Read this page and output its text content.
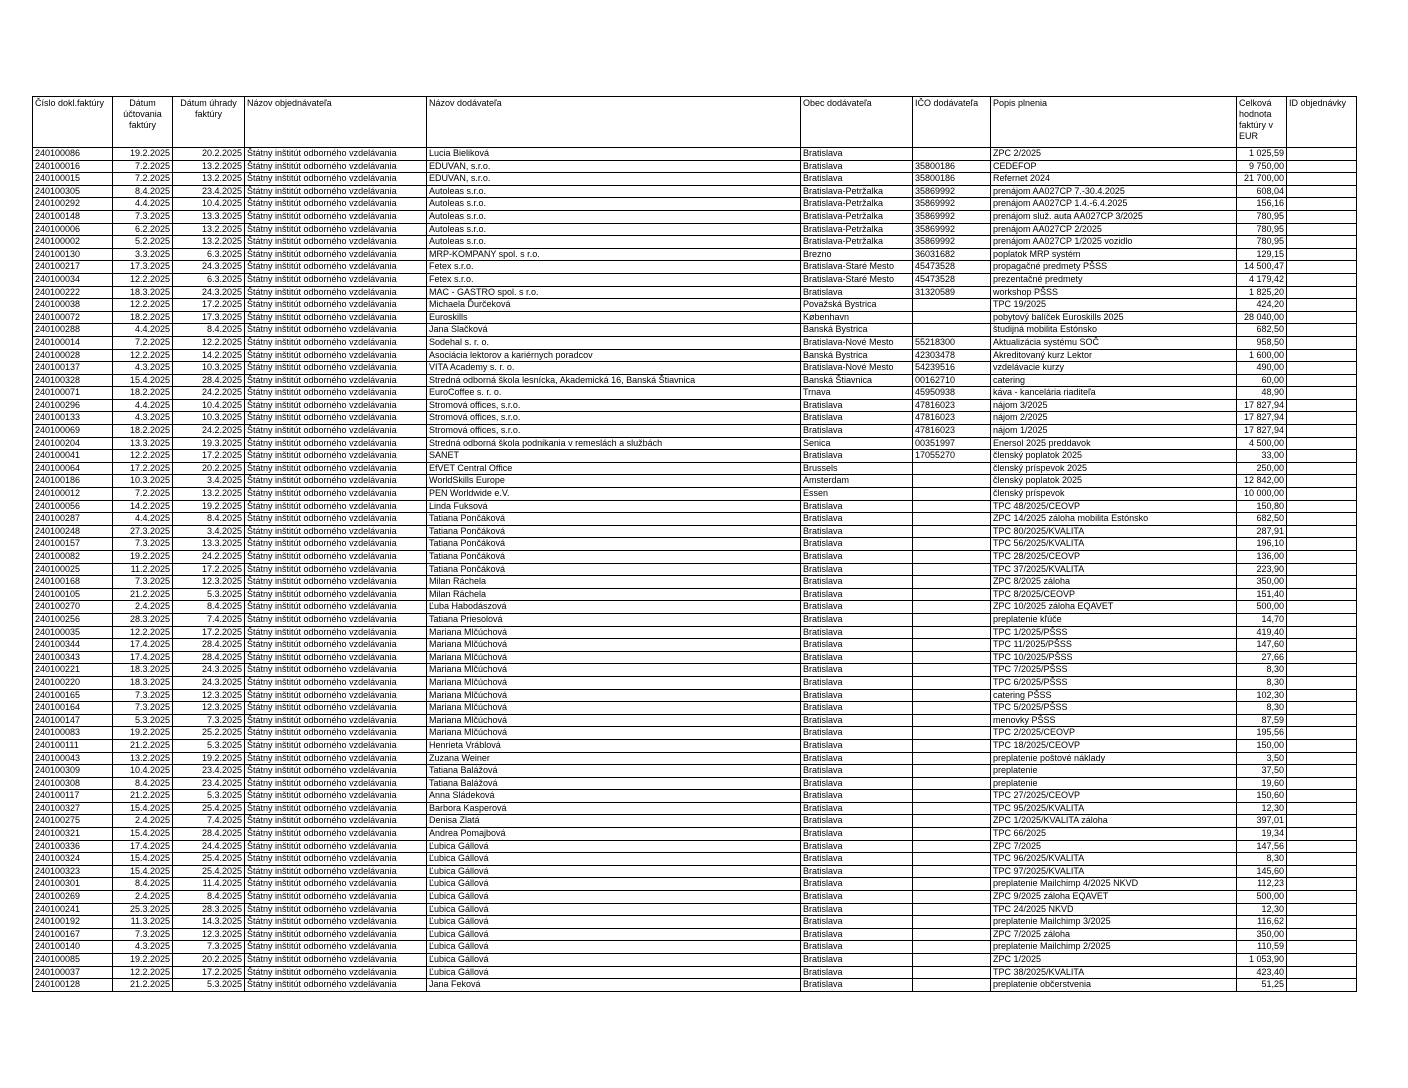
Číslo dokl.faktúry	Dátum účtovania faktúry	Dátum úhrady faktúry	Názov objednávateľa	Názov dodávateľa	Obec dodávateľa	IČO dodávateľa	Popis plnenia	Celková hodnota faktúry v EUR	ID objednávky
240100086	19.2.2025	20.2.2025	Štátny inštitút odborného vzdelávania	Lucia Bieliková	Bratislava		ZPC 2/2025	1 025,59	
240100016	7.2.2025	13.2.2025	Štátny inštitút odborného vzdelávania	EDUVAN, s.r.o.	Bratislava	35800186	CEDEFOP	9 750,00	
240100015	7.2.2025	13.2.2025	Štátny inštitút odborného vzdelávania	EDUVAN, s.r.o.	Bratislava	35800186	Refernet 2024	21 700,00	
240100305	8.4.2025	23.4.2025	Štátny inštitút odborného vzdelávania	Autoleas s.r.o.	Bratislava-Petržalka	35869992	prenájom AA027CP 7.-30.4.2025	608,04	
240100292	4.4.2025	10.4.2025	Štátny inštitút odborného vzdelávania	Autoleas s.r.o.	Bratislava-Petržalka	35869992	prenájom AA027CP 1.4.-6.4.2025	156,16	
240100148	7.3.2025	13.3.2025	Štátny inštitút odborného vzdelávania	Autoleas s.r.o.	Bratislava-Petržalka	35869992	prenájom služ. auta AA027CP 3/2025	780,95	
240100006	6.2.2025	13.2.2025	Štátny inštitút odborného vzdelávania	Autoleas s.r.o.	Bratislava-Petržalka	35869992	prenájom AA027CP 2/2025	780,95	
240100002	5.2.2025	13.2.2025	Štátny inštitút odborného vzdelávania	Autoleas s.r.o.	Bratislava-Petržalka	35869992	prenájom AA027CP 1/2025 vozidlo	780,95	
240100130	3.3.2025	6.3.2025	Štátny inštitút odborného vzdelávania	MRP-KOMPANY spol. s r.o.	Brezno	36031682	poplatok MRP systém	129,15	
240100217	17.3.2025	24.3.2025	Štátny inštitút odborného vzdelávania	Fetex s.r.o.	Bratislava-Staré Mesto	45473528	propagačné predmety PŠSS	14 500,47	
240100034	12.2.2025	6.3.2025	Štátny inštitút odborného vzdelávania	Fetex s.r.o.	Bratislava-Staré Mesto	45473528	prezentačné predmety	4 179,42	
240100222	18.3.2025	24.3.2025	Štátny inštitút odborného vzdelávania	MAC - GASTRO spol. s r.o.	Bratislava	31320589	workshop PŠSS	1 825,20	
240100038	12.2.2025	17.2.2025	Štátny inštitút odborného vzdelávania	Michaela Ďurčeková	Považská Bystrica		TPC 19/2025	424,20	
240100072	18.2.2025	17.3.2025	Štátny inštitút odborného vzdelávania	Euroskills	København		pobytový balíček Euroskills 2025	28 040,00	
240100288	4.4.2025	8.4.2025	Štátny inštitút odborného vzdelávania	Jana Slačková	Banská Bystrica		študijná mobilita Estónsko	682,50	
240100014	7.2.2025	12.2.2025	Štátny inštitút odborného vzdelávania	Sodehal s. r. o.	Bratislava-Nové Mesto	55218300	Aktualizácia systému SOČ	958,50	
240100028	12.2.2025	14.2.2025	Štátny inštitút odborného vzdelávania	Asociácia lektorov a kariérnych poradcov	Banská Bystrica	42303478	Akreditovaný kurz Lektor	1 600,00	
240100137	4.3.2025	10.3.2025	Štátny inštitút odborného vzdelávania	VITA Academy s. r. o.	Bratislava-Nové Mesto	54239516	vzdelávacie kurzy	490,00	
240100328	15.4.2025	28.4.2025	Štátny inštitút odborného vzdelávania	Stredná odborná škola lesnícka, Akademická 16, Banská Štiavnica	Banská Štiavnica	00162710	catering	60,00	
240100071	18.2.2025	24.2.2025	Štátny inštitút odborného vzdelávania	EuroCoffee s. r. o.	Trnava	45950938	káva - kancelária riaditeľa	48,90	
240100296	4.4.2025	10.4.2025	Štátny inštitút odborného vzdelávania	Stromová offices, s.r.o.	Bratislava	47816023	nájom 3/2025	17 827,94	
240100133	4.3.2025	10.3.2025	Štátny inštitút odborného vzdelávania	Stromová offices, s.r.o.	Bratislava	47816023	nájom 2/2025	17 827,94	
240100069	18.2.2025	24.2.2025	Štátny inštitút odborného vzdelávania	Stromová offices, s.r.o.	Bratislava	47816023	nájom 1/2025	17 827,94	
240100204	13.3.2025	19.3.2025	Štátny inštitút odborného vzdelávania	Stredná odborná škola podnikania v remeslách a službách	Senica	00351997	Enersol 2025 preddavok	4 500,00	
240100041	12.2.2025	17.2.2025	Štátny inštitút odborného vzdelávania	SANET	Bratislava	17055270	členský poplatok 2025	33,00	
240100064	17.2.2025	20.2.2025	Štátny inštitút odborného vzdelávania	EfVET Central Office	Brussels		členský príspevok 2025	250,00	
240100186	10.3.2025	3.4.2025	Štátny inštitút odborného vzdelávania	WorldSkills Europe	Amsterdam		členský poplatok 2025	12 842,00	
240100012	7.2.2025	13.2.2025	Štátny inštitút odborného vzdelávania	PEN Worldwide e.V.	Essen		členský príspevok	10 000,00	
240100056	14.2.2025	19.2.2025	Štátny inštitút odborného vzdelávania	Linda Fuksová	Bratislava		TPC 48/2025/CEOVP	150,80	
240100287	4.4.2025	8.4.2025	Štátny inštitút odborného vzdelávania	Tatiana Pončáková	Bratislava		ZPC 14/2025 záloha mobilita Estónsko	682,50	
240100248	27.3.2025	3.4.2025	Štátny inštitút odborného vzdelávania	Tatiana Pončáková	Bratislava		TPC 80/2025/KVALITA	287,91	
240100157	7.3.2025	13.3.2025	Štátny inštitút odborného vzdelávania	Tatiana Pončáková	Bratislava		TPC 56/2025/KVALITA	196,10	
240100082	19.2.2025	24.2.2025	Štátny inštitút odborného vzdelávania	Tatiana Pončáková	Bratislava		TPC 28/2025/CEOVP	136,00	
240100025	11.2.2025	17.2.2025	Štátny inštitút odborného vzdelávania	Tatiana Pončáková	Bratislava		TPC 37/2025/KVALITA	223,90	
240100168	7.3.2025	12.3.2025	Štátny inštitút odborného vzdelávania	Milan Ráchela	Bratislava		ZPC 8/2025 záloha	350,00	
240100105	21.2.2025	5.3.2025	Štátny inštitút odborného vzdelávania	Milan Ráchela	Bratislava		TPC 8/2025/CEOVP	151,40	
240100270	2.4.2025	8.4.2025	Štátny inštitút odborného vzdelávania	Ľuba Habodászová	Bratislava		ZPC 10/2025 záloha EQAVET	500,00	
240100256	28.3.2025	7.4.2025	Štátny inštitút odborného vzdelávania	Tatiana Priesolová	Bratislava		preplatenie kľúče	14,70	
240100035	12.2.2025	17.2.2025	Štátny inštitút odborného vzdelávania	Mariana Mlčúchová	Bratislava		TPC 1/2025/PŠSS	419,40	
240100344	17.4.2025	28.4.2025	Štátny inštitút odborného vzdelávania	Mariana Mlčúchová	Bratislava		TPC 11/2025/PŠSS	147,60	
240100343	17.4.2025	28.4.2025	Štátny inštitút odborného vzdelávania	Mariana Mlčúchová	Bratislava		TPC 10/2025/PŠSS	27,66	
240100221	18.3.2025	24.3.2025	Štátny inštitút odborného vzdelávania	Mariana Mlčúchová	Bratislava		TPC 7/2025/PŠSS	8,30	
240100220	18.3.2025	24.3.2025	Štátny inštitút odborného vzdelávania	Mariana Mlčúchová	Bratislava		TPC 6/2025/PŠSS	8,30	
240100165	7.3.2025	12.3.2025	Štátny inštitút odborného vzdelávania	Mariana Mlčúchová	Bratislava		catering PŠSS	102,30	
240100164	7.3.2025	12.3.2025	Štátny inštitút odborného vzdelávania	Mariana Mlčúchová	Bratislava		TPC 5/2025/PŠSS	8,30	
240100147	5.3.2025	7.3.2025	Štátny inštitút odborného vzdelávania	Mariana Mlčúchová	Bratislava		menovky PŠSS	87,59	
240100083	19.2.2025	25.2.2025	Štátny inštitút odborného vzdelávania	Mariana Mlčúchová	Bratislava		TPC 2/2025/CEOVP	195,56	
240100111	21.2.2025	5.3.2025	Štátny inštitút odborného vzdelávania	Henrieta Vráblová	Bratislava		TPC 18/2025/CEOVP	150,00	
240100043	13.2.2025	19.2.2025	Štátny inštitút odborného vzdelávania	Zuzana Weiner	Bratislava		preplatenie poštové náklady	3,50	
240100309	10.4.2025	23.4.2025	Štátny inštitút odborného vzdelávania	Tatiana Balážová	Bratislava		preplatenie	37,50	
240100308	8.4.2025	23.4.2025	Štátny inštitút odborného vzdelávania	Tatiana Balážová	Bratislava		preplatenie	19,60	
240100117	21.2.2025	5.3.2025	Štátny inštitút odborného vzdelávania	Anna Sládeková	Bratislava		TPC 27/2025/CEOVP	150,60	
240100327	15.4.2025	25.4.2025	Štátny inštitút odborného vzdelávania	Barbora Kasperová	Bratislava		TPC 95/2025/KVALITA	12,30	
240100275	2.4.2025	7.4.2025	Štátny inštitút odborného vzdelávania	Denisa Zlatá	Bratislava		ZPC 1/2025/KVALITA záloha	397,01	
240100321	15.4.2025	28.4.2025	Štátny inštitút odborného vzdelávania	Andrea Pomajbová	Bratislava		TPC 66/2025	19,34	
240100336	17.4.2025	24.4.2025	Štátny inštitút odborného vzdelávania	Ľubica Gállová	Bratislava		ZPC 7/2025	147,56	
240100324	15.4.2025	25.4.2025	Štátny inštitút odborného vzdelávania	Ľubica Gállová	Bratislava		TPC 96/2025/KVALITA	8,30	
240100323	15.4.2025	25.4.2025	Štátny inštitút odborného vzdelávania	Ľubica Gállová	Bratislava		TPC 97/2025/KVALITA	145,60	
240100301	8.4.2025	11.4.2025	Štátny inštitút odborného vzdelávania	Ľubica Gállová	Bratislava		preplatenie Mailchimp 4/2025 NKVD	112,23	
240100269	2.4.2025	8.4.2025	Štátny inštitút odborného vzdelávania	Ľubica Gállová	Bratislava		ZPC 9/2025 záloha EQAVET	500,00	
240100241	25.3.2025	28.3.2025	Štátny inštitút odborného vzdelávania	Ľubica Gállová	Bratislava		TPC 24/2025 NKVD	12,30	
240100192	11.3.2025	14.3.2025	Štátny inštitút odborného vzdelávania	Ľubica Gállová	Bratislava		preplatenie Mailchimp 3/2025	116,62	
240100167	7.3.2025	12.3.2025	Štátny inštitút odborného vzdelávania	Ľubica Gállová	Bratislava		ZPC 7/2025 záloha	350,00	
240100140	4.3.2025	7.3.2025	Štátny inštitút odborného vzdelávania	Ľubica Gállová	Bratislava		preplatenie Mailchimp 2/2025	110,59	
240100085	19.2.2025	20.2.2025	Štátny inštitút odborného vzdelávania	Ľubica Gállová	Bratislava		ZPC 1/2025	1 053,90	
240100037	12.2.2025	17.2.2025	Štátny inštitút odborného vzdelávania	Ľubica Gállová	Bratislava		TPC 38/2025/KVALITA	423,40	
240100128	21.2.2025	5.3.2025	Štátny inštitút odborného vzdelávania	Jana Feková	Bratislava		preplatenie občerstvenia	51,25	
